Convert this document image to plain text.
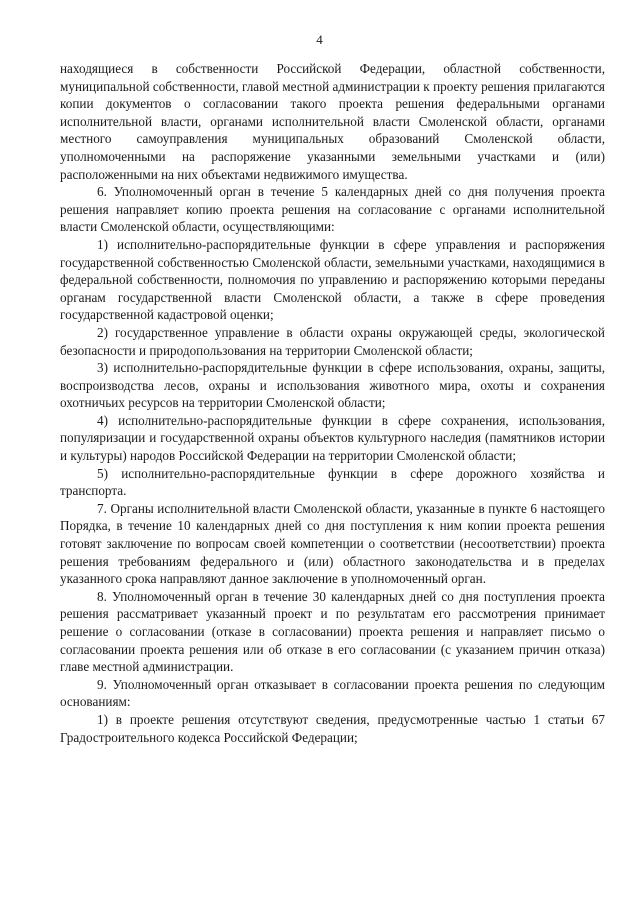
4

находящиеся в собственности Российской Федерации, областной собственности, муниципальной собственности, главой местной администрации к проекту решения прилагаются копии документов о согласовании такого проекта решения федеральными органами исполнительной власти, органами исполнительной власти Смоленской области, органами местного самоуправления муниципальных образований Смоленской области, уполномоченными на распоряжение указанными земельными участками и (или) расположенными на них объектами недвижимого имущества.

6. Уполномоченный орган в течение 5 календарных дней со дня получения проекта решения направляет копию проекта решения на согласование с органами исполнительной власти Смоленской области, осуществляющими:

1) исполнительно-распорядительные функции в сфере управления и распоряжения государственной собственностью Смоленской области, земельными участками, находящимися в федеральной собственности, полномочия по управлению и распоряжению которыми переданы органам государственной власти Смоленской области, а также в сфере проведения государственной кадастровой оценки;

2) государственное управление в области охраны окружающей среды, экологической безопасности и природопользования на территории Смоленской области;

3) исполнительно-распорядительные функции в сфере использования, охраны, защиты, воспроизводства лесов, охраны и использования животного мира, охоты и сохранения охотничьих ресурсов на территории Смоленской области;

4) исполнительно-распорядительные функции в сфере сохранения, использования, популяризации и государственной охраны объектов культурного наследия (памятников истории и культуры) народов Российской Федерации на территории Смоленской области;

5) исполнительно-распорядительные функции в сфере дорожного хозяйства и транспорта.

7. Органы исполнительной власти Смоленской области, указанные в пункте 6 настоящего Порядка, в течение 10 календарных дней со дня поступления к ним копии проекта решения готовят заключение по вопросам своей компетенции о соответствии (несоответствии) проекта решения требованиям федерального и (или) областного законодательства и в пределах указанного срока направляют данное заключение в уполномоченный орган.

8. Уполномоченный орган в течение 30 календарных дней со дня поступления проекта решения рассматривает указанный проект и по результатам его рассмотрения принимает решение о согласовании (отказе в согласовании) проекта решения и направляет письмо о согласовании проекта решения или об отказе в его согласовании (с указанием причин отказа) главе местной администрации.

9. Уполномоченный орган отказывает в согласовании проекта решения по следующим основаниям:

1) в проекте решения отсутствуют сведения, предусмотренные частью 1 статьи 67 Градостроительного кодекса Российской Федерации;
